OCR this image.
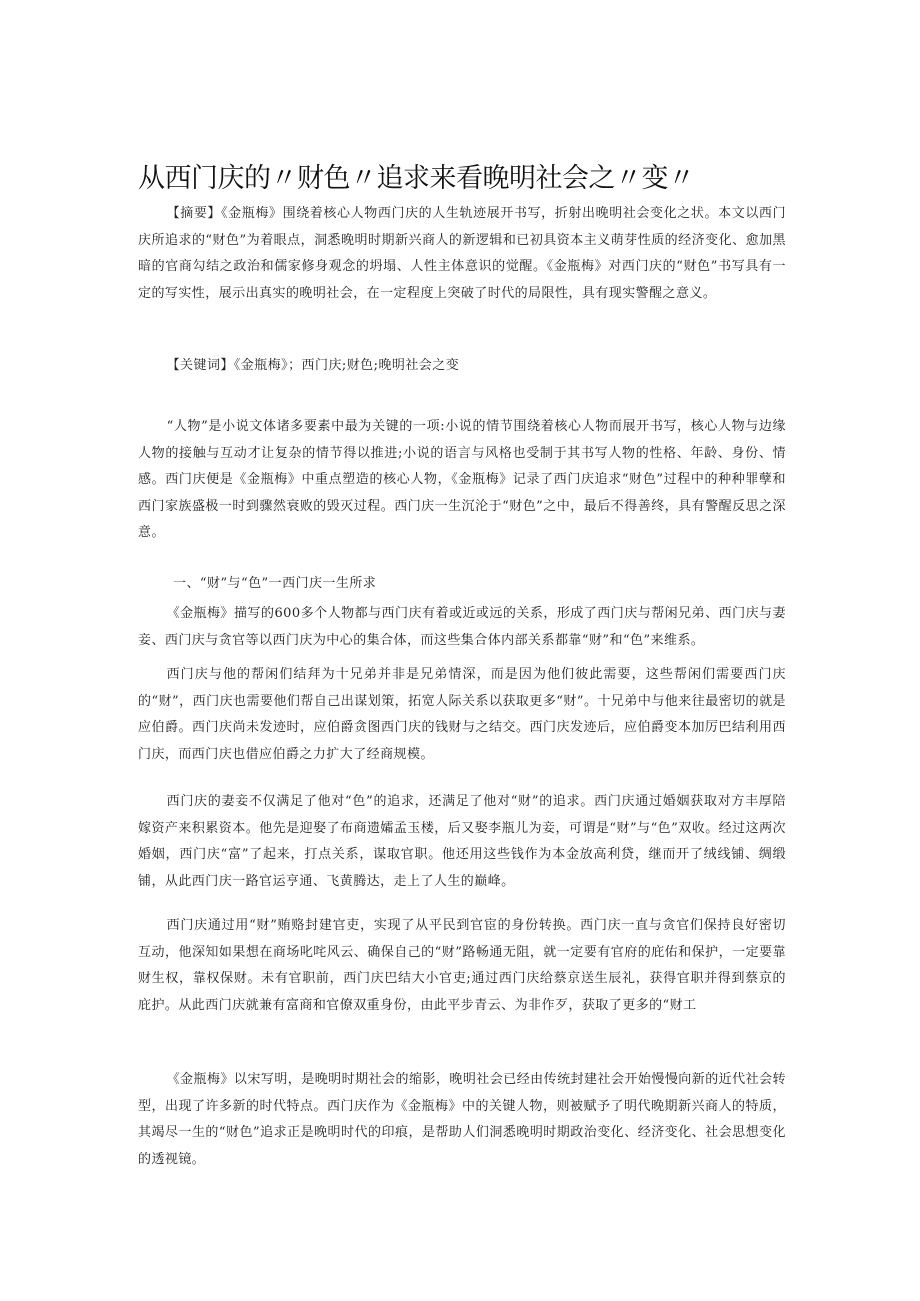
从西门庆的〃财色〃追求来看晚明社会之〃变〃

【摘要】《金瓶梅》围绕着核心人物西门庆的人生轨迹展开书写，折射出晚明社会变化之状。本文以西门庆所追求的“财色”为着眼点，洞悉晚明时期新兴商人的新逻辑和已初具资本主义萌芽性质的经济变化、愈加黑暗的官商勾结之政治和儒家修身观念的坍塌、人性主体意识的觉醒。《金瓶梅》对西门庆的“财色”书写具有一定的写实性，展示出真实的晚明社会，在一定程度上突破了时代的局限性，具有现实警醒之意义。

【关键词】《金瓶梅》；西门庆;财色;晚明社会之变

“人物”是小说文体诸多要素中最为关键的一项:小说的情节围绕着核心人物而展开书写，核心人物与边缘人物的接触与互动才让复杂的情节得以推进;小说的语言与风格也受制于其书写人物的性格、年龄、身份、情感。西门庆便是《金瓶梅》中重点塑造的核心人物，《金瓶梅》记录了西门庆追求“财色”过程中的种种罪孽和西门家族盛极一时到骤然衰败的毁灭过程。西门庆一生沉沦于“财色”之中，最后不得善终，具有警醒反思之深意。

一、“财”与“色”一西门庆一生所求

《金瓶梅》描写的600多个人物都与西门庆有着或近或远的关系，形成了西门庆与帮闲兄弟、西门庆与妻妾、西门庆与贪官等以西门庆为中心的集合体，而这些集合体内部关系都靠“财”和“色”来维系。

西门庆与他的帮闲们结拜为十兄弟并非是兄弟情深，而是因为他们彼此需要，这些帮闲们需要西门庆的“财”，西门庆也需要他们帮自己出谋划策，拓宽人际关系以获取更多“财”。十兄弟中与他来往最密切的就是应伯爵。西门庆尚未发迹时，应伯爵贪图西门庆的钱财与之结交。西门庆发迹后，应伯爵变本加厉巴结利用西门庆，而西门庆也借应伯爵之力扩大了经商规模。

西门庆的妻妾不仅满足了他对“色”的追求，还满足了他对“财”的追求。西门庆通过婚姻获取对方丰厚陪嫁资产来积累资本。他先是迎娶了布商遗孀孟玉楼，后又娶李瓶儿为妾，可谓是“财”与“色”双收。经过这两次婚姻，西门庆“富”了起来，打点关系，谋取官职。他还用这些钱作为本金放高利贷，继而开了绒线铺、绸缎铺，从此西门庆一路官运亨通、飞黄腾达，走上了人生的巅峰。

西门庆通过用“财”贿赂封建官吏，实现了从平民到官宦的身份转换。西门庆一直与贪官们保持良好密切互动，他深知如果想在商场叱咤风云、确保自己的“财”路畅通无阻，就一定要有官府的庇佑和保护，一定要靠财生权，靠权保财。未有官职前，西门庆巴结大小官吏;通过西门庆给蔡京送生辰礼，获得官职并得到蔡京的庇护。从此西门庆就兼有富商和官僚双重身份，由此平步青云、为非作歹，获取了更多的“财工

《金瓶梅》以宋写明，是晚明时期社会的缩影，晚明社会已经由传统封建社会开始慢慢向新的近代社会转型，出现了许多新的时代特点。西门庆作为《金瓶梅》中的关键人物，则被赋予了明代晚期新兴商人的特质，其竭尽一生的“财色”追求正是晚明时代的印痕，是帮助人们洞悉晚明时期政治变化、经济变化、社会思想变化的透视镜。
